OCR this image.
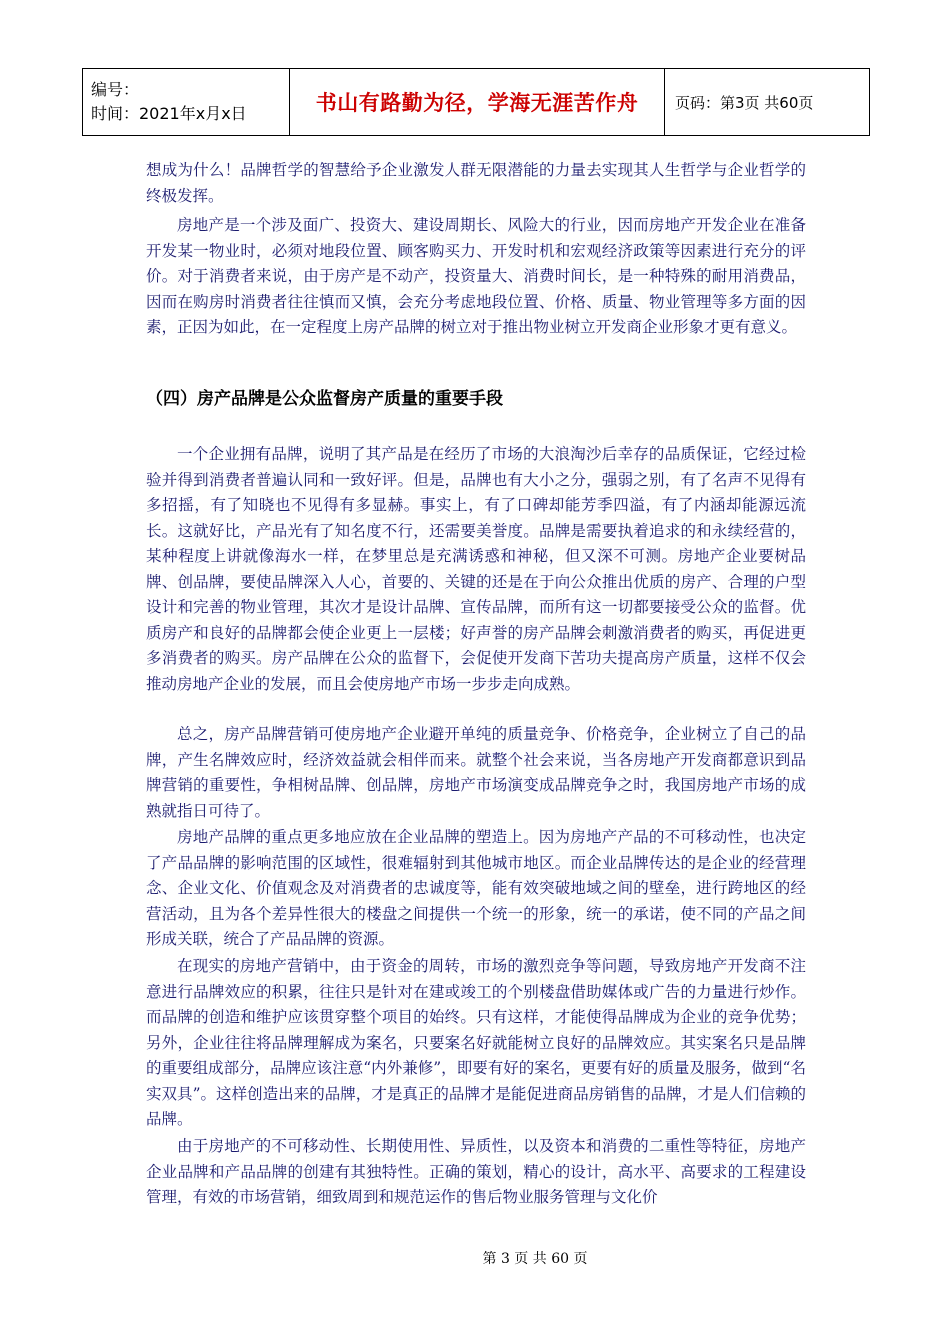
编号：
时间：2021年x月x日	书山有路勤为径，学海无涯苦作舟	页码：第3页 共60页

想成为什么！品牌哲学的智慧给予企业激发人群无限潜能的力量去实现其人生哲学与企业哲学的终极发挥。

房地产是一个涉及面广、投资大、建设周期长、风险大的行业，因而房地产开发企业在准备开发某一物业时，必须对地段位置、顾客购买力、开发时机和宏观经济政策等因素进行充分的评价。对于消费者来说，由于房产是不动产，投资量大、消费时间长，是一种特殊的耐用消费品，因而在购房时消费者往往慎而又慎，会充分考虑地段位置、价格、质量、物业管理等多方面的因素，正因为如此，在一定程度上房产品牌的树立对于推出物业树立开发商企业形象才更有意义。

（四）房产品牌是公众监督房产质量的重要手段

一个企业拥有品牌，说明了其产品是在经历了市场的大浪淘沙后幸存的品质保证，它经过检验并得到消费者普遍认同和一致好评。但是，品牌也有大小之分，强弱之别，有了名声不见得有多招摇，有了知晓也不见得有多显赫。事实上，有了口碑却能芳季四溢，有了内涵却能源远流长。这就好比，产品光有了知名度不行，还需要美誉度。品牌是需要执着追求的和永续经营的，某种程度上讲就像海水一样，在梦里总是充满诱惑和神秘，但又深不可测。房地产企业要树品牌、创品牌，要使品牌深入人心，首要的、关键的还是在于向公众推出优质的房产、合理的户型设计和完善的物业管理，其次才是设计品牌、宣传品牌，而所有这一切都要接受公众的监督。优质房产和良好的品牌都会使企业更上一层楼；好声誉的房产品牌会刺激消费者的购买，再促进更多消费者的购买。房产品牌在公众的监督下，会促使开发商下苦功夫提高房产质量，这样不仅会推动房地产企业的发展，而且会使房地产市场一步步走向成熟。

总之，房产品牌营销可使房地产企业避开单纯的质量竞争、价格竞争，企业树立了自己的品牌，产生名牌效应时，经济效益就会相伴而来。就整个社会来说，当各房地产开发商都意识到品牌营销的重要性，争相树品牌、创品牌，房地产市场演变成品牌竞争之时，我国房地产市场的成熟就指日可待了。

房地产品牌的重点更多地应放在企业品牌的塑造上。因为房地产产品的不可移动性，也决定了产品品牌的影响范围的区域性，很难辐射到其他城市地区。而企业品牌传达的是企业的经营理念、企业文化、价值观念及对消费者的忠诚度等，能有效突破地域之间的壁垒，进行跨地区的经营活动，且为各个差异性很大的楼盘之间提供一个统一的形象，统一的承诺，使不同的产品之间形成关联，统合了产品品牌的资源。

在现实的房地产营销中，由于资金的周转，市场的激烈竞争等问题，导致房地产开发商不注意进行品牌效应的积累，往往只是针对在建或竣工的个别楼盘借助媒体或广告的力量进行炒作。而品牌的创造和维护应该贯穿整个项目的始终。只有这样，才能使得品牌成为企业的竞争优势；另外，企业往往将品牌理解成为案名，只要案名好就能树立良好的品牌效应。其实案名只是品牌的重要组成部分，品牌应该注意“内外兼修”，即要有好的案名，更要有好的质量及服务，做到“名实双具”。这样创造出来的品牌，才是真正的品牌才是能促进商品房销售的品牌，才是人们信赖的品牌。

由于房地产的不可移动性、长期使用性、异质性，以及资本和消费的二重性等特征，房地产企业品牌和产品品牌的创建有其独特性。正确的策划，精心的设计，高水平、高要求的工程建设管理，有效的市场营销，细致周到和规范运作的售后物业服务管理与文化价

第 3 页 共 60 页
